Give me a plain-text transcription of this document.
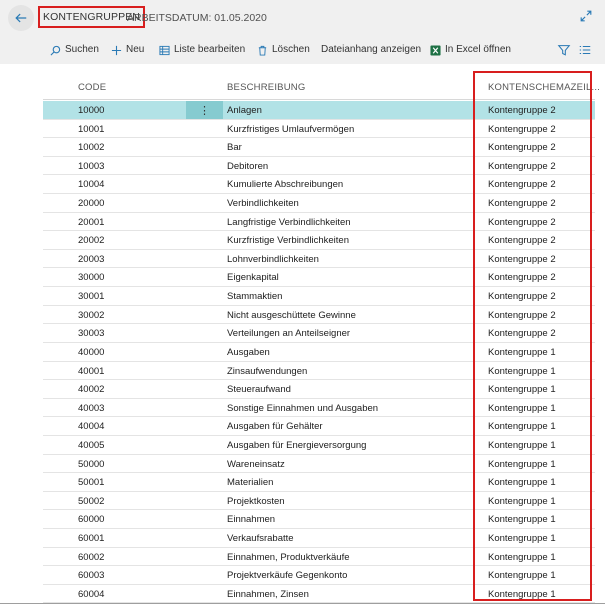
KONTENGRUPPEN
ARBEITSDATUM: 01.05.2020
Suchen	Neu	Liste bearbeiten	Löschen Dateianhang anzeigen In Excel öffnen
CODE	BESCHREIBUNG	KONTENSCHEMAZEIL...
10000	Anlagen	Kontengruppe 2
⋮
10001	Kurzfristiges Umlaufvermögen	Kontengruppe 2
10002	Bar	Kontengruppe 2
10003	Debitoren	Kontengruppe 2
10004	Kumulierte Abschreibungen	Kontengruppe 2
20000	Verbindlichkeiten	Kontengruppe 2
20001	Langfristige Verbindlichkeiten	Kontengruppe 2
20002	Kurzfristige Verbindlichkeiten	Kontengruppe 2
20003	Lohnverbindlichkeiten	Kontengruppe 2
30000	Eigenkapital	Kontengruppe 2
30001	Stammaktien	Kontengruppe 2
30002	Nicht ausgeschüttete Gewinne	Kontengruppe 2
30003	Verteilungen an Anteilseigner	Kontengruppe 2
40000	Ausgaben	Kontengruppe 1
40001	Zinsaufwendungen	Kontengruppe 1
40002	Steueraufwand	Kontengruppe 1
40003	Sonstige Einnahmen und Ausgaben	Kontengruppe 1
40004	Ausgaben für Gehälter	Kontengruppe 1
40005	Ausgaben für Energieversorgung	Kontengruppe 1
50000	Wareneinsatz	Kontengruppe 1
50001	Materialien	Kontengruppe 1
50002	Projektkosten	Kontengruppe 1
60000	Einnahmen	Kontengruppe 1
60001	Verkaufsrabatte	Kontengruppe 1
60002	Einnahmen, Produktverkäufe	Kontengruppe 1
60003	Projektverkäufe Gegenkonto	Kontengruppe 1
60004	Einnahmen, Zinsen	Kontengruppe 1
